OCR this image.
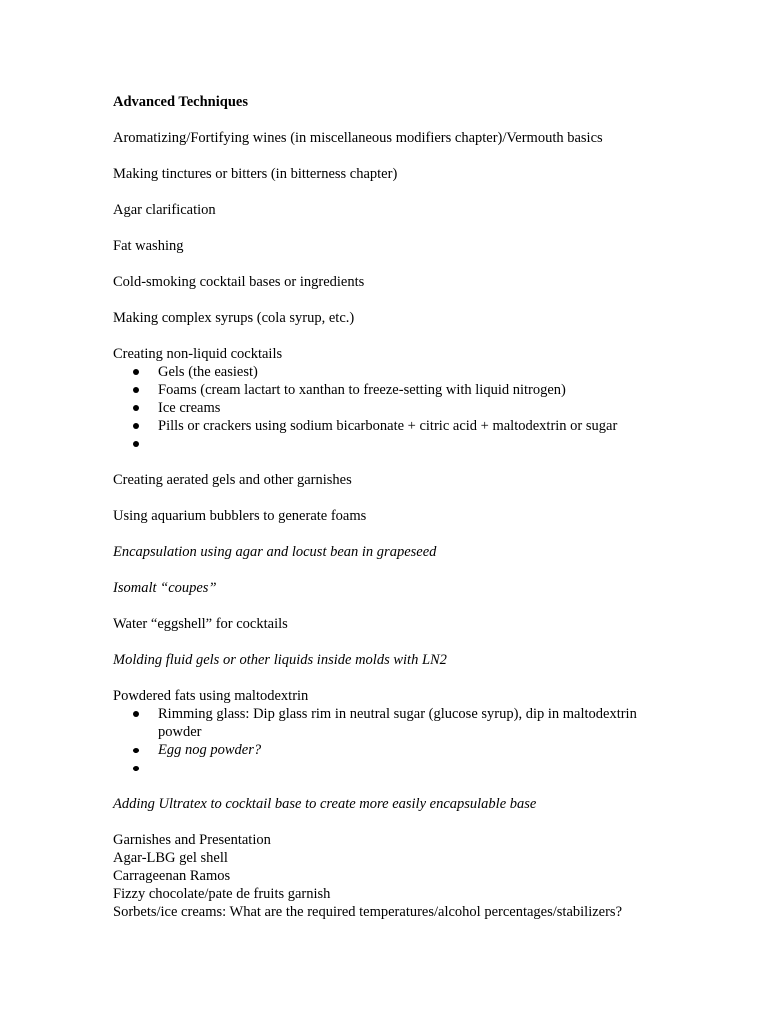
Advanced Techniques

Aromatizing/Fortifying wines (in miscellaneous modifiers chapter)/Vermouth basics

Making tinctures or bitters (in bitterness chapter)

Agar clarification

Fat washing

Cold-smoking cocktail bases or ingredients

Making complex syrups (cola syrup, etc.)

Creating non-liquid cocktails

Gels (the easiest)
Foams (cream lactart to xanthan to freeze-setting with liquid nitrogen)
Ice creams
Pills or crackers using sodium bicarbonate + citric acid + maltodextrin or sugar

Creating aerated gels and other garnishes

Using aquarium bubblers to generate foams

Encapsulation using agar and locust bean in grapeseed

Isomalt “coupes”

Water “eggshell” for cocktails

Molding fluid gels or other liquids inside molds with LN2

Powdered fats using maltodextrin

Rimming glass: Dip glass rim in neutral sugar (glucose syrup), dip in maltodextrin powder
Egg nog powder?

Adding Ultratex to cocktail base to create more easily encapsulable base

Garnishes and Presentation

Agar-LBG gel shell

Carrageenan Ramos

Fizzy chocolate/pate de fruits garnish

Sorbets/ice creams: What are the required temperatures/alcohol percentages/stabilizers?
